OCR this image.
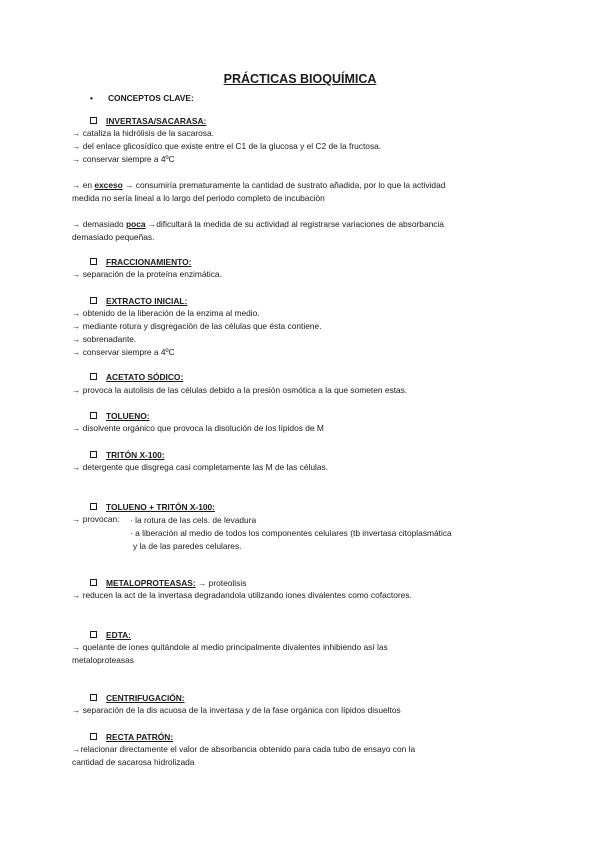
PRÁCTICAS BIOQUÍMICA
• CONCEPTOS CLAVE:
INVERTASA/SACARASA:
→ cataliza la hidrólisis de la sacarosa.
→ del enlace glicosídico que existe entre el C1 de la glucosa y el C2 de la fructosa.
→ conservar siempre a 4ºC
→ en exceso → consumiría prematuramente la cantidad de sustrato añadida, por lo que la actividad
medida no sería lineal a lo largo del periodo completo de incubación
→ demasiado poca →dificultará la medida de su actividad al registrarse variaciones de absorbancia
demasiado pequeñas.
FRACCIONAMIENTO:
→ separación de la proteína enzimática.
EXTRACTO INICIAL:
→ obtenido de la liberación de la enzima al medio.
→ mediante rotura y disgregación de las células que ésta contiene.
→ sobrenadante.
→ conservar siempre a 4ºC
ACETATO SÓDICO:
→ provoca la autolisis de las células debido a la presión osmótica a la que someten estas.
TOLUENO:
→ disolvente orgánico que provoca la disolución de los lípidos de M
TRITÓN X-100:
→ detergente que disgrega casi completamente las M de las células.
TOLUENO + TRITÓN X-100:
→ provocan: · la rotura de las cels. de levadura
· a liberación al medio de todos los componentes celulares (tb invertasa citoplasmática
y la de las paredes celulares.
METALOPROTEASAS: → proteolisis
→ reducen la act de la invertasa degradandola utilizando iones divalentes como cofactores.
EDTA:
→ quelante de iones quitándole al medio principalmente divalentes inhibiendo así las
metaloproteasas
CENTRIFUGACIÓN:
→ separación de la dis acuosa de la invertasa y de la fase orgánica con lípidos disueltos
RECTA PATRÓN:
→relacionar directamente el valor de absorbancia obtenido para cada tubo de ensayo con la
cantidad de sacarosa hidrolizada
